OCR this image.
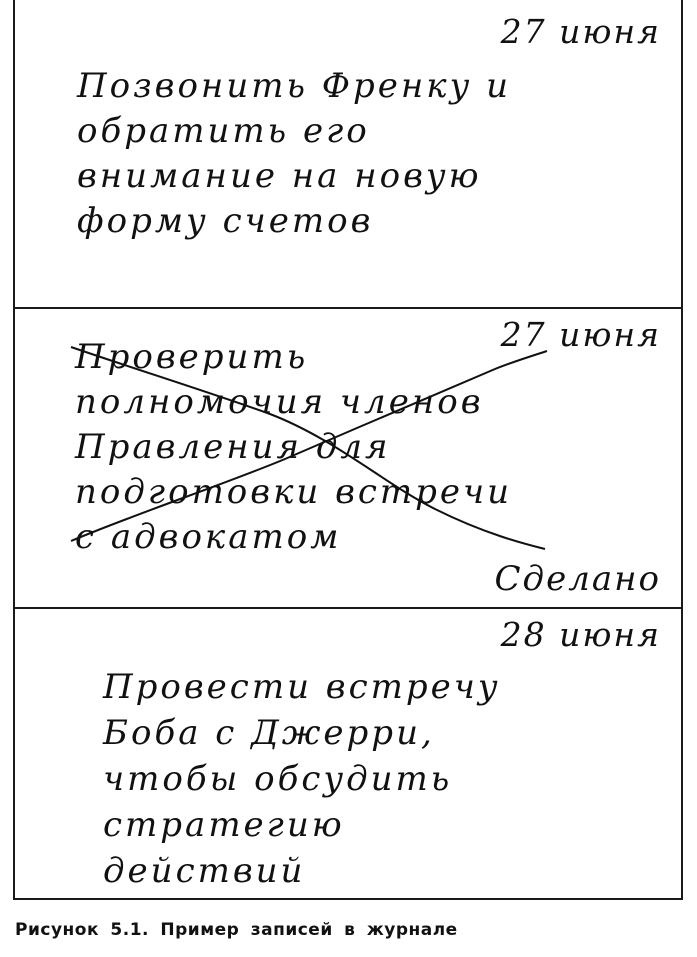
27 июня
Позвонить Френку и
обратить его
внимание на новую
форму счетов
27 июня
Проверить
полномочия членов
Правления для
подготовки встречи
с адвокатом
Сделано
28 июня
Провести встречу
Боба с Джерри,
чтобы обсудить
стратегию
действий
Рисунок 5.1. Пример записей в журнале
